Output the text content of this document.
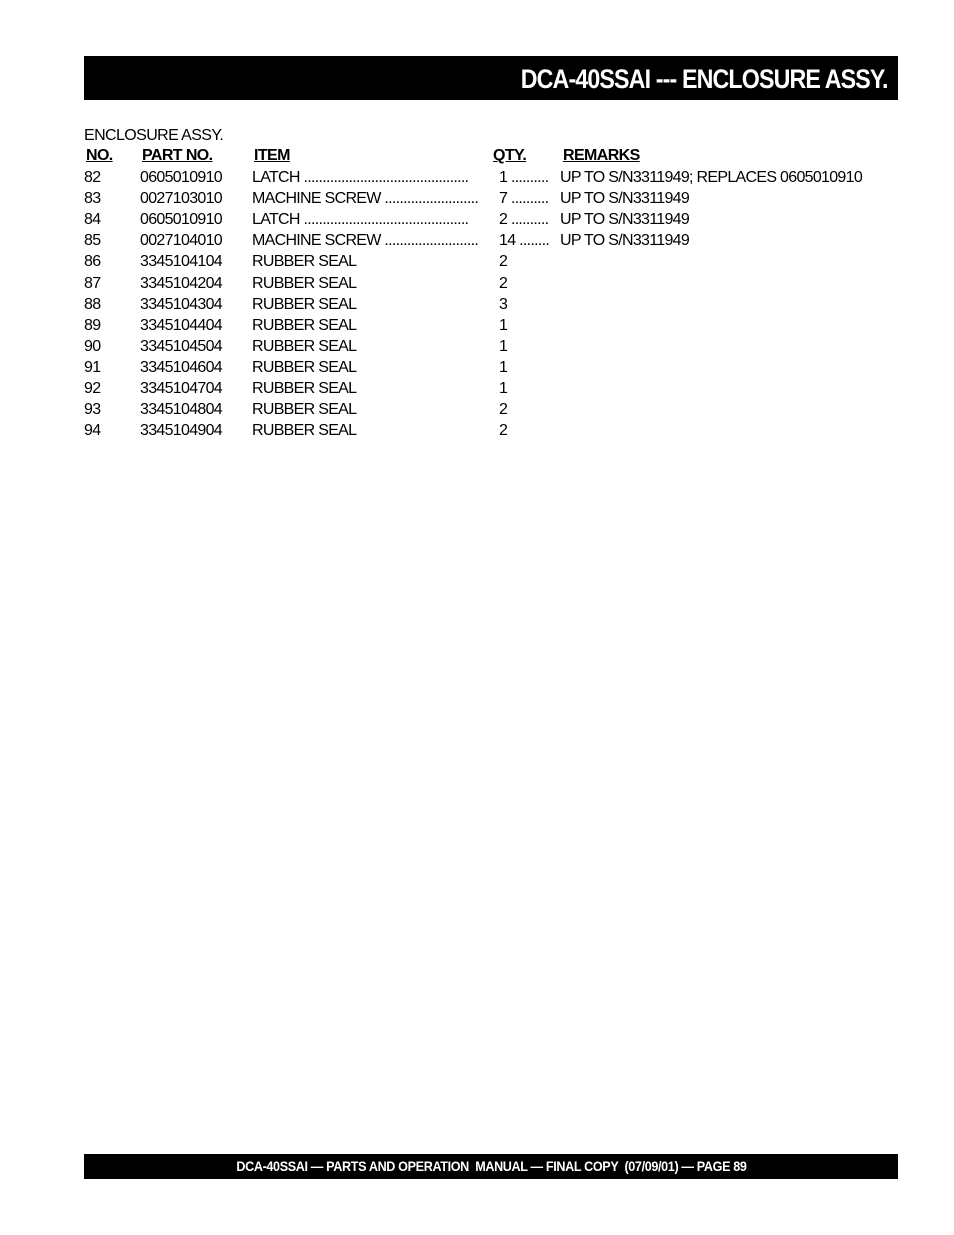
DCA-40SSAI --- ENCLOSURE ASSY.
ENCLOSURE ASSY.
NO. PART NO.	ITEM	QTY. REMARKS
82 0605010910 LATCH ............................................ 1 .......... UP TO S/N3311949; REPLACES 0605010910
83 0027103010 MACHINE SCREW ......................... 7 .......... UP TO S/N3311949
84 0605010910 LATCH ............................................ 2 .......... UP TO S/N3311949
85 0027104010 MACHINE SCREW ......................... 14 ........ UP TO S/N3311949
86 3345104104 RUBBER SEAL	2
87 3345104204 RUBBER SEAL	2
88 3345104304 RUBBER SEAL	3
89 3345104404 RUBBER SEAL	1
90 3345104504 RUBBER SEAL	1
91 3345104604 RUBBER SEAL	1
92 3345104704 RUBBER SEAL	1
93 3345104804 RUBBER SEAL	2
94 3345104904 RUBBER SEAL	2
DCA-40SSAI — PARTS AND OPERATION  MANUAL — FINAL COPY  (07/09/01) — PAGE 89
